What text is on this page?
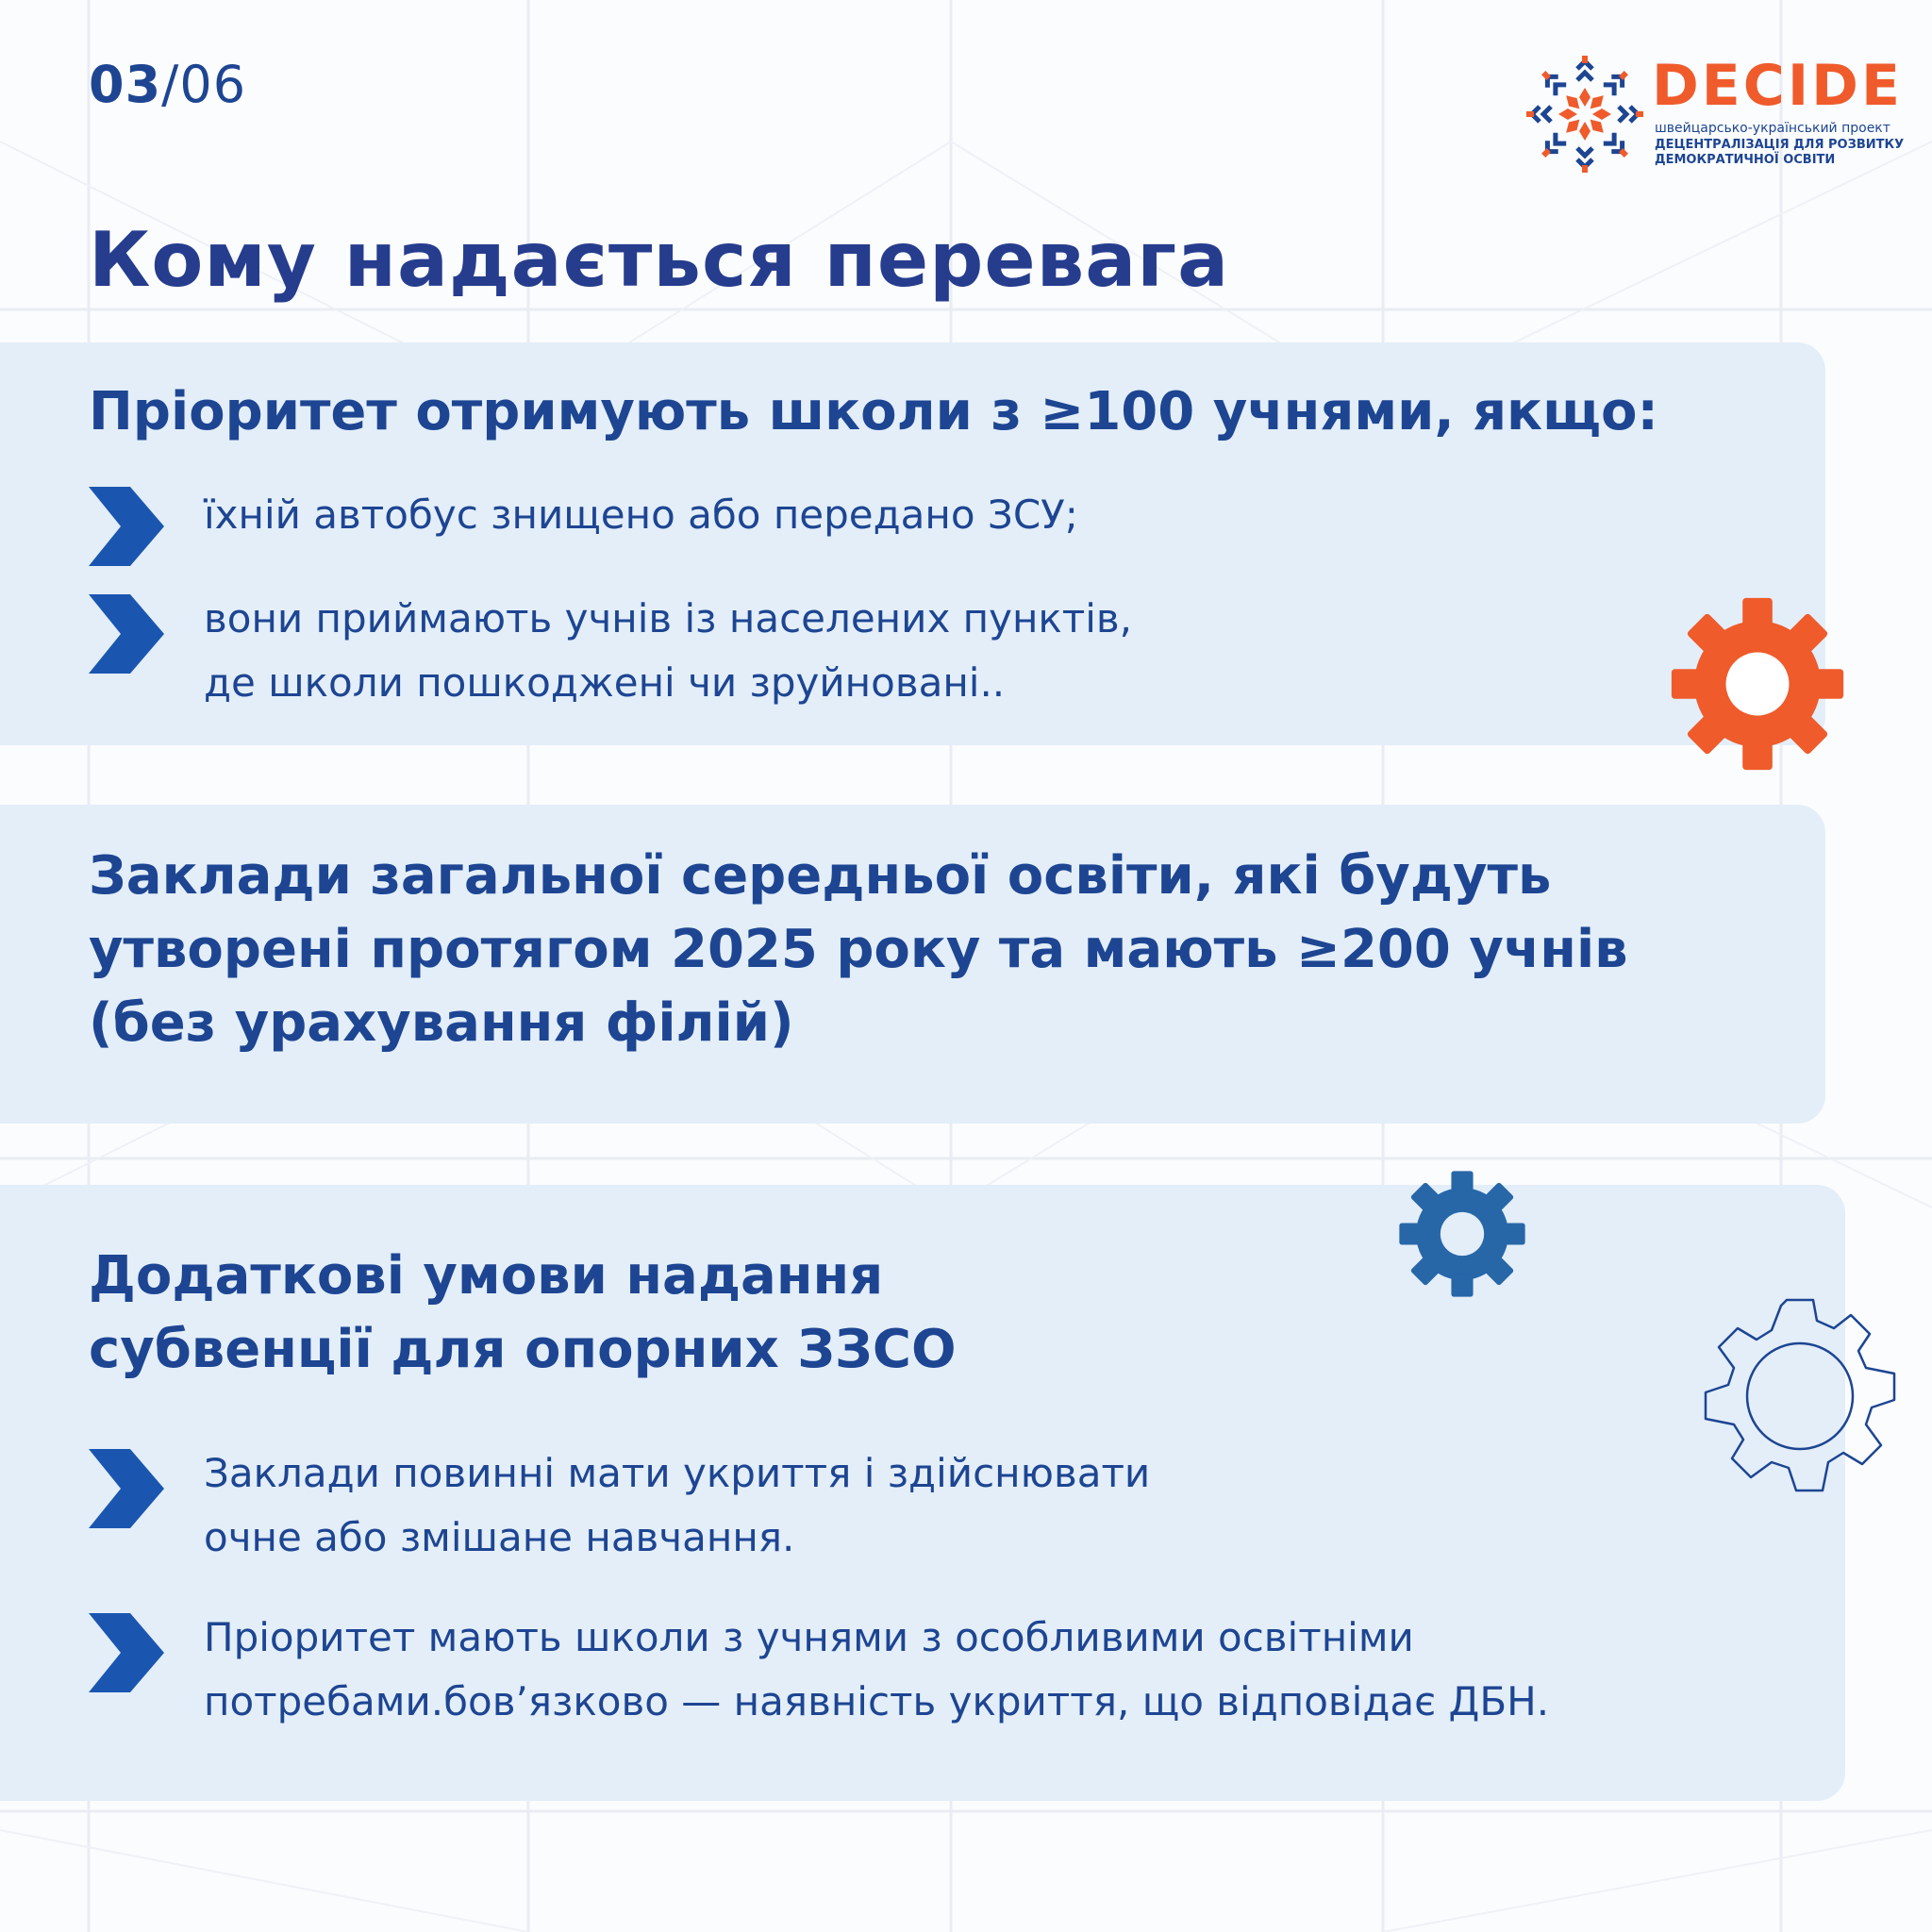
03/06	DECIDE
швейцарсько-український проект
ДЕЦЕНТРАЛІЗАЦІЯ ДЛЯ РОЗВИТКУ
ДЕМОКРАТИЧНОЇ ОСВІТИ
Кому надається перевага
Пріоритет отримують школи з ≥100 учнями, якщо:
їхній автобус знищено або передано ЗСУ;
вони приймають учнів із населених пунктів,
де школи пошкоджені чи зруйновані..
Заклади загальної середньої освіти, які будуть
утворені протягом 2025 року та мають ≥200 учнів
(без урахування філій)
Додаткові умови надання
субвенції для опорних ЗЗСО
Заклади повинні мати укриття і здійснювати
очне або змішане навчання.
Пріоритет мають школи з учнями з особливими освітніми
потребами.бов’язково — наявність укриття, що відповідає ДБН.
